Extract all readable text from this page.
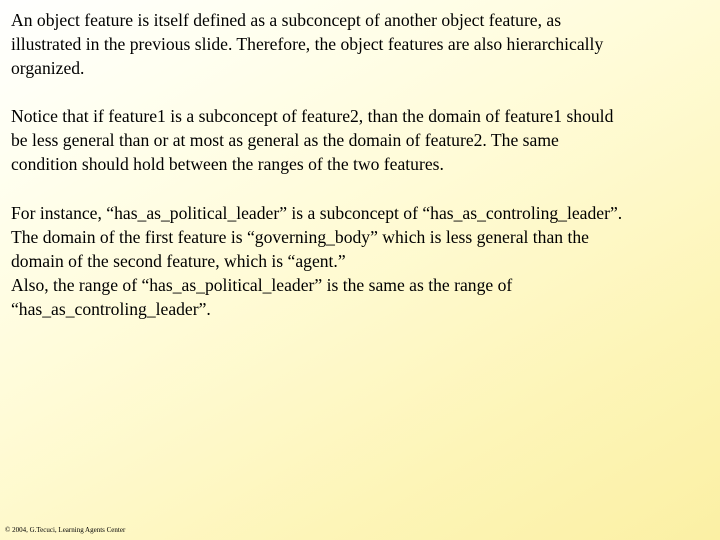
An object feature is itself defined as a subconcept of another object feature, as
illustrated in the previous slide. Therefore, the object features are also hierarchically
organized.
Notice that if feature1 is a subconcept of feature2, than the domain of feature1 should
be less general than or at most as general as the domain of feature2. The same
condition should hold between the ranges of the two features.
For instance, “has_as_political_leader” is a subconcept of “has_as_controling_leader”.
The domain of the first feature is “governing_body” which is less general than the
domain of the second feature, which is “agent.”
Also, the range of “has_as_political_leader” is the same as the range of
“has_as_controling_leader”.
© 2004, G.Tecuci, Learning Agents Center
